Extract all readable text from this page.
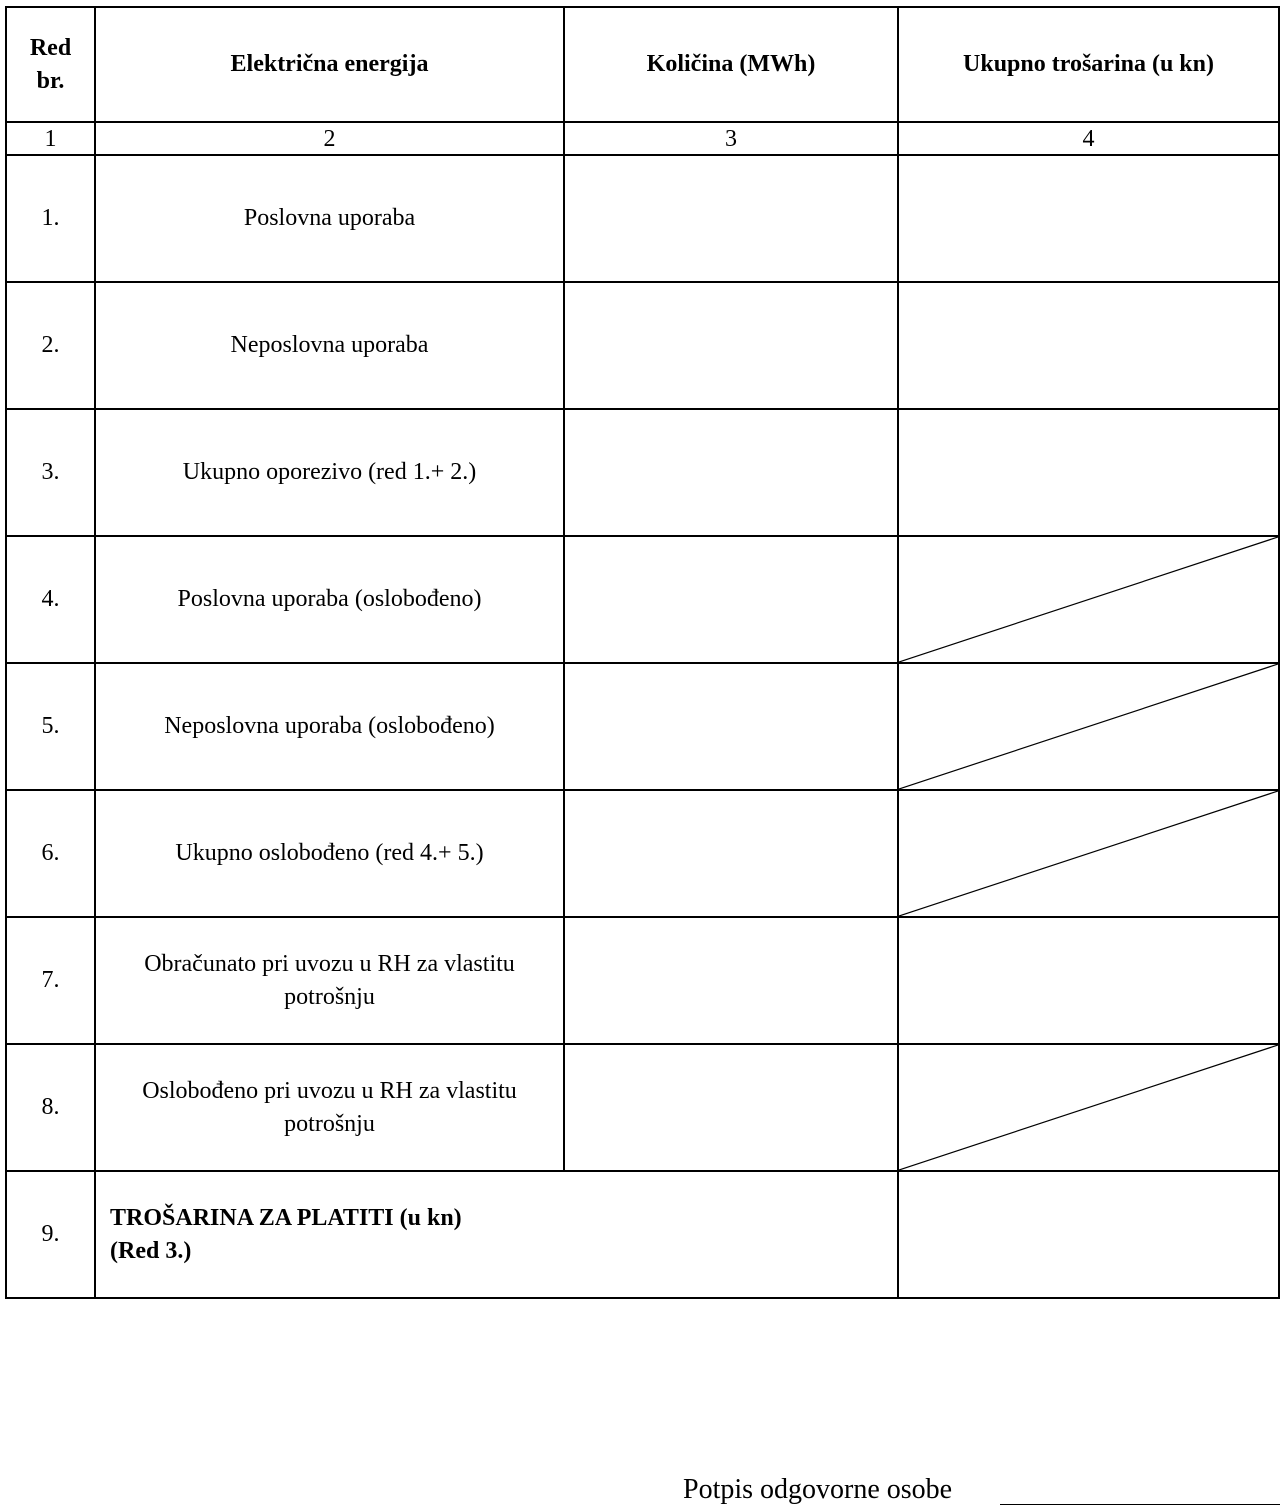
Red br.	Električna energija	Količina (MWh)	Ukupno trošarina (u kn)
1	2	3	4
1.	Poslovna uporaba		
2.	Neposlovna uporaba		
3.	Ukupno oporezivo (red 1.+ 2.)		
4.	Poslovna uporaba (oslobođeno)		

5.	Neposlovna uporaba (oslobođeno)		

6.	Ukupno oslobođeno (red 4.+ 5.)		

7.	Obračunato pri uvozu u RH za vlastitu potrošnju		
8.	Oslobođeno pri uvozu u RH za vlastitu potrošnju		

9.	TROŠARINA ZA PLATITI (u kn)
(Red 3.)		
Potpis odgovorne osobe
